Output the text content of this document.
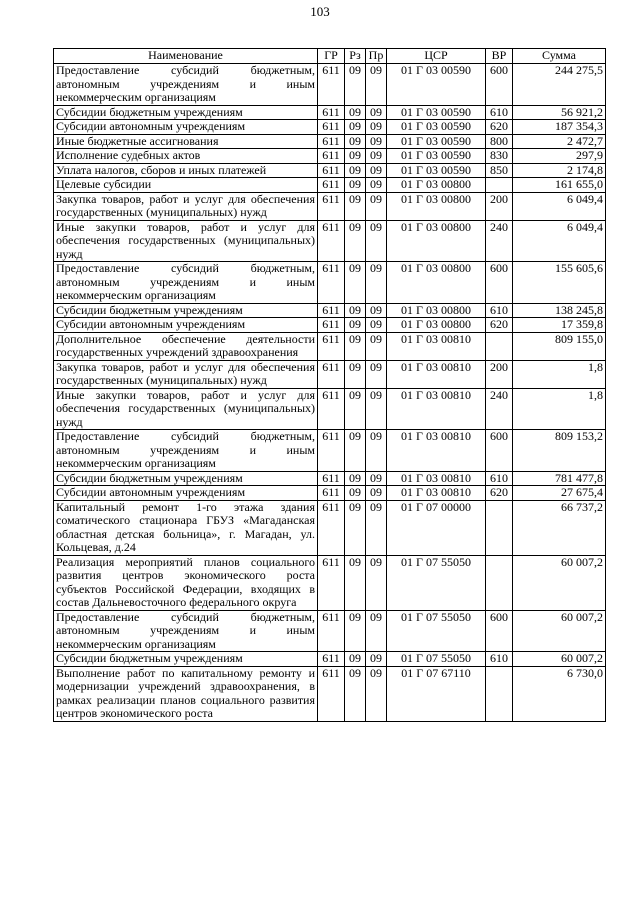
103
Наименование	ГР	Рз	Пр	ЦСР	ВР	Сумма
Предоставление субсидий бюджетным, автономным учреждениям и иным некоммерческим организациям	611	09	09	01 Г 03 00590	600	244 275,5
Субсидии бюджетным учреждениям	611	09	09	01 Г 03 00590	610	56 921,2
Субсидии автономным учреждениям	611	09	09	01 Г 03 00590	620	187 354,3
Иные бюджетные ассигнования	611	09	09	01 Г 03 00590	800	2 472,7
Исполнение судебных актов	611	09	09	01 Г 03 00590	830	297,9
Уплата налогов, сборов и иных платежей	611	09	09	01 Г 03 00590	850	2 174,8
Целевые субсидии	611	09	09	01 Г 03 00800		161 655,0
Закупка товаров, работ и услуг для обеспечения государственных (муниципальных) нужд	611	09	09	01 Г 03 00800	200	6 049,4
Иные закупки товаров, работ и услуг для обеспечения государственных (муниципальных) нужд	611	09	09	01 Г 03 00800	240	6 049,4
Предоставление субсидий бюджетным, автономным учреждениям и иным некоммерческим организациям	611	09	09	01 Г 03 00800	600	155 605,6
Субсидии бюджетным учреждениям	611	09	09	01 Г 03 00800	610	138 245,8
Субсидии автономным учреждениям	611	09	09	01 Г 03 00800	620	17 359,8
Дополнительное обеспечение деятельности государственных учреждений здравоохранения	611	09	09	01 Г 03 00810		809 155,0
Закупка товаров, работ и услуг для обеспечения государственных (муниципальных) нужд	611	09	09	01 Г 03 00810	200	1,8
Иные закупки товаров, работ и услуг для обеспечения государственных (муниципальных) нужд	611	09	09	01 Г 03 00810	240	1,8
Предоставление субсидий бюджетным, автономным учреждениям и иным некоммерческим организациям	611	09	09	01 Г 03 00810	600	809 153,2
Субсидии бюджетным учреждениям	611	09	09	01 Г 03 00810	610	781 477,8
Субсидии автономным учреждениям	611	09	09	01 Г 03 00810	620	27 675,4
Капитальный ремонт 1-го этажа здания соматического стационара ГБУЗ «Магаданская областная детская больница», г. Магадан, ул. Кольцевая, д.24	611	09	09	01 Г 07 00000		66 737,2
Реализация мероприятий планов социального развития центров экономического роста субъектов Российской Федерации, входящих в состав Дальневосточного федерального округа	611	09	09	01 Г 07 55050		60 007,2
Предоставление субсидий бюджетным, автономным учреждениям и иным некоммерческим организациям	611	09	09	01 Г 07 55050	600	60 007,2
Субсидии бюджетным учреждениям	611	09	09	01 Г 07 55050	610	60 007,2
Выполнение работ по капитальному ремонту и модернизации учреждений здравоохранения, в рамках реализации планов социального развития центров экономического роста	611	09	09	01 Г 07 67110		6 730,0
